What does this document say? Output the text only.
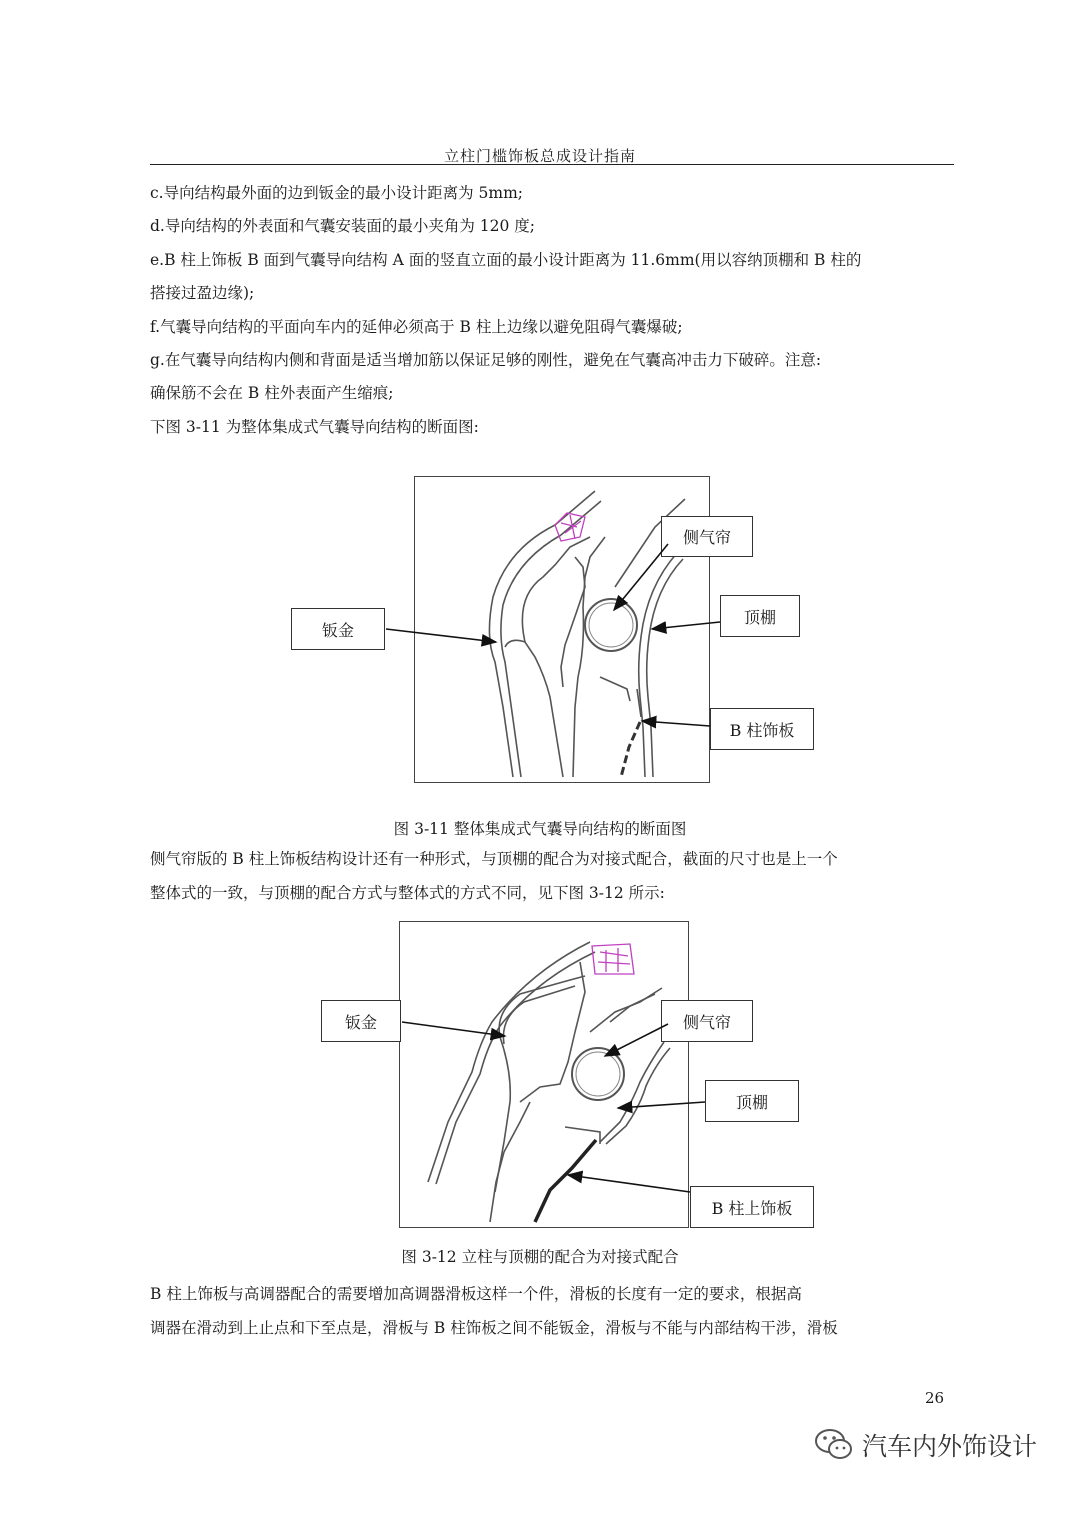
立柱门槛饰板总成设计指南

c.导向结构最外面的边到钣金的最小设计距离为 5mm;

d.导向结构的外表面和气囊安装面的最小夹角为 120 度;

e.B 柱上饰板 B 面到气囊导向结构 A 面的竖直立面的最小设计距离为 11.6mm(用以容纳顶棚和 B 柱的

搭接过盈边缘);

f.气囊导向结构的平面向车内的延伸必须高于 B 柱上边缘以避免阻碍气囊爆破;

g.在气囊导向结构内侧和背面是适当增加筋以保证足够的刚性，避免在气囊高冲击力下破碎。注意:

确保筋不会在 B 柱外表面产生缩痕;

下图 3-11 为整体集成式气囊导向结构的断面图:

钣金
侧气帘
顶棚
B 柱饰板
图 3-11 整体集成式气囊导向结构的断面图

侧气帘版的 B 柱上饰板结构设计还有一种形式，与顶棚的配合为对接式配合，截面的尺寸也是上一个

整体式的一致，与顶棚的配合方式与整体式的方式不同，见下图 3-12 所示:

钣金	侧气帘
顶棚
B 柱上饰板
图 3-12 立柱与顶棚的配合为对接式配合

B 柱上饰板与高调器配合的需要增加高调器滑板这样一个件，滑板的长度有一定的要求，根据高

调器在滑动到上止点和下至点是，滑板与 B 柱饰板之间不能钣金，滑板与不能与内部结构干涉，滑板

26
汽车内外饰设计
